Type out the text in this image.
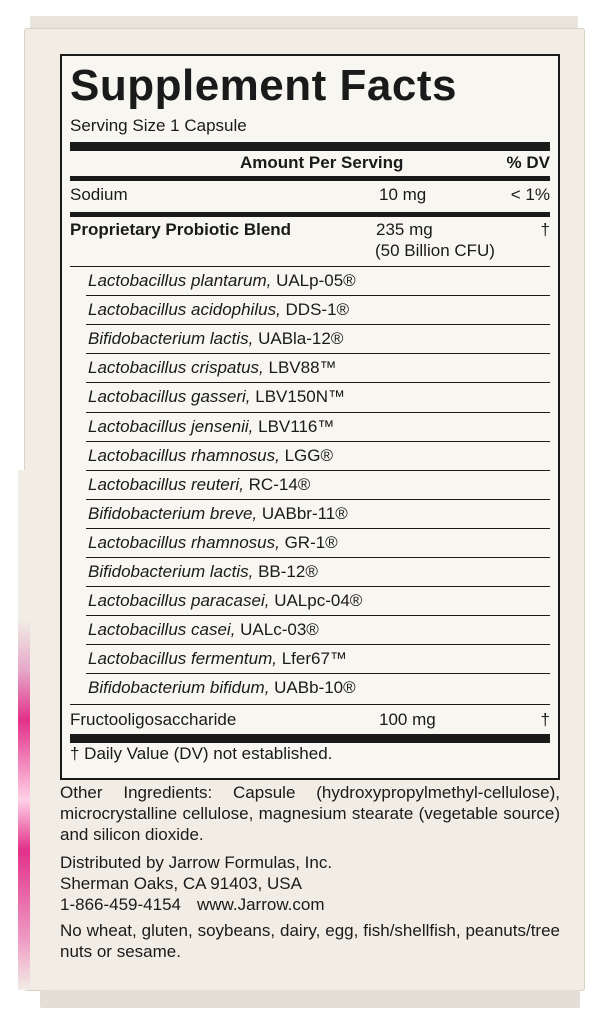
Supplement Facts
Serving Size 1 Capsule
Amount Per Serving	% DV
Sodium	10 mg	< 1%
Proprietary Probiotic Blend	235 mg	†
(50 Billion CFU)
Lactobacillus plantarum, UALp-05®
Lactobacillus acidophilus, DDS-1®
Bifidobacterium lactis, UABla-12®
Lactobacillus crispatus, LBV88™
Lactobacillus gasseri, LBV150N™
Lactobacillus jensenii, LBV116™
Lactobacillus rhamnosus, LGG®
Lactobacillus reuteri, RC-14®
Bifidobacterium breve, UABbr-11®
Lactobacillus rhamnosus, GR-1®
Bifidobacterium lactis, BB-12®
Lactobacillus paracasei, UALpc-04®
Lactobacillus casei, UALc-03®
Lactobacillus fermentum, Lfer67™
Bifidobacterium bifidum, UABb-10®
Fructooligosaccharide	100 mg	†
† Daily Value (DV) not established.
Other Ingredients: Capsule (hydroxypropylmethyl-cellulose), microcrystalline cellulose, magnesium stearate (vegetable source) and silicon dioxide.
Distributed by Jarrow Formulas, Inc.
Sherman Oaks, CA 91403, USA
1-866-459-4154 www.Jarrow.com
No wheat, gluten, soybeans, dairy, egg, fish/shellfish, peanuts/tree nuts or sesame.
